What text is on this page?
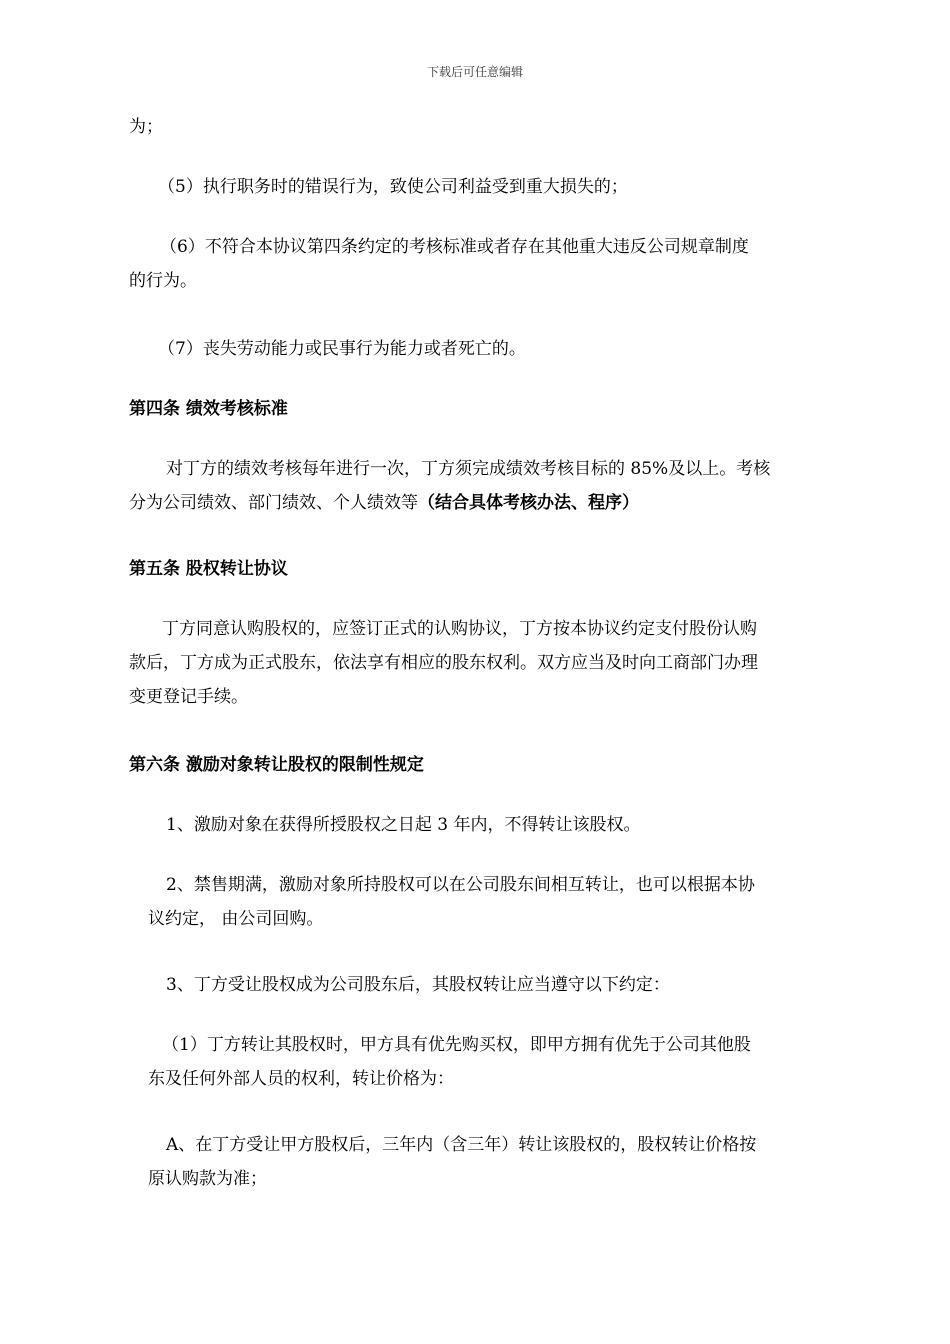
下载后可任意编辑
为；
（5）执行职务时的错误行为，致使公司利益受到重大损失的；
（6）不符合本协议第四条约定的考核标准或者存在其他重大违反公司规章制度
的行为。
（7）丧失劳动能力或民事行为能力或者死亡的。
第四条 绩效考核标准
对丁方的绩效考核每年进行一次，丁方须完成绩效考核目标的 85%及以上。考核
分为公司绩效、部门绩效、个人绩效等（结合具体考核办法、程序）
第五条 股权转让协议
丁方同意认购股权的，应签订正式的认购协议，丁方按本协议约定支付股份认购
款后，丁方成为正式股东，依法享有相应的股东权利。双方应当及时向工商部门办理
变更登记手续。
第六条 激励对象转让股权的限制性规定
1、激励对象在获得所授股权之日起 3 年内，不得转让该股权。
2、禁售期满，激励对象所持股权可以在公司股东间相互转让，也可以根据本协
议约定， 由公司回购。
3、丁方受让股权成为公司股东后，其股权转让应当遵守以下约定：
（1）丁方转让其股权时，甲方具有优先购买权，即甲方拥有优先于公司其他股
东及任何外部人员的权利，转让价格为：
A、在丁方受让甲方股权后，三年内（含三年）转让该股权的，股权转让价格按
原认购款为准；
